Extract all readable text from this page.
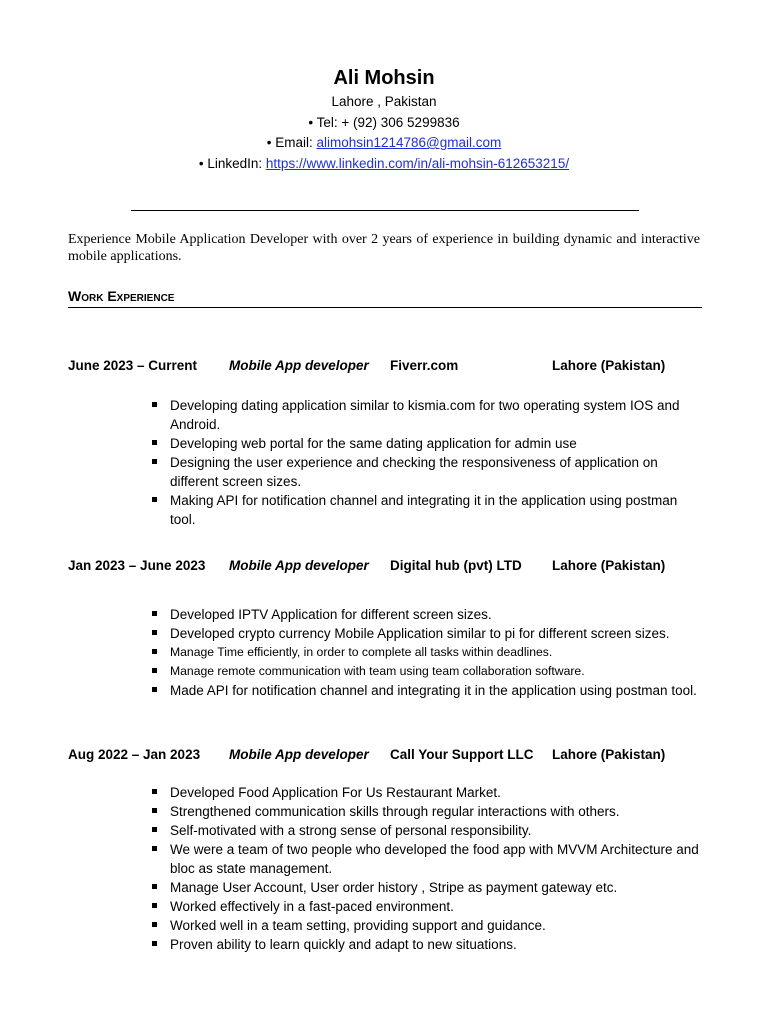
Ali Mohsin
Lahore , Pakistan
• Tel: + (92) 306 5299836
• Email: alimohsin1214786@gmail.com
• LinkedIn: https://www.linkedin.com/in/ali-mohsin-612653215/
Experience Mobile Application Developer with over 2 years of experience in building dynamic and interactive mobile applications.
Work Experience
June 2023 – Current Mobile App developer Fiverr.com	Lahore (Pakistan)
Developing dating application similar to kismia.com for two operating system IOS and Android.
Developing web portal for the same dating application for admin use
Designing the user experience and checking the responsiveness of application on different screen sizes.
Making API for notification channel and integrating it in the application using postman tool.
Jan 2023 – June 2023 Mobile App developer Digital hub (pvt) LTD Lahore (Pakistan)
Developed IPTV Application for different screen sizes.
Developed crypto currency Mobile Application similar to pi for different screen sizes.
Manage Time efficiently, in order to complete all tasks within deadlines.
Manage remote communication with team using team collaboration software.
Made API for notification channel and integrating it in the application using postman tool.
Aug 2022 – Jan 2023 Mobile App developer Call Your Support LLC Lahore (Pakistan)
Developed Food Application For Us Restaurant Market.
Strengthened communication skills through regular interactions with others.
Self-motivated with a strong sense of personal responsibility.
We were a team of two people who developed the food app with MVVM Architecture and bloc as state management.
Manage User Account, User order history , Stripe as payment gateway etc.
Worked effectively in a fast-paced environment.
Worked well in a team setting, providing support and guidance.
Proven ability to learn quickly and adapt to new situations.
